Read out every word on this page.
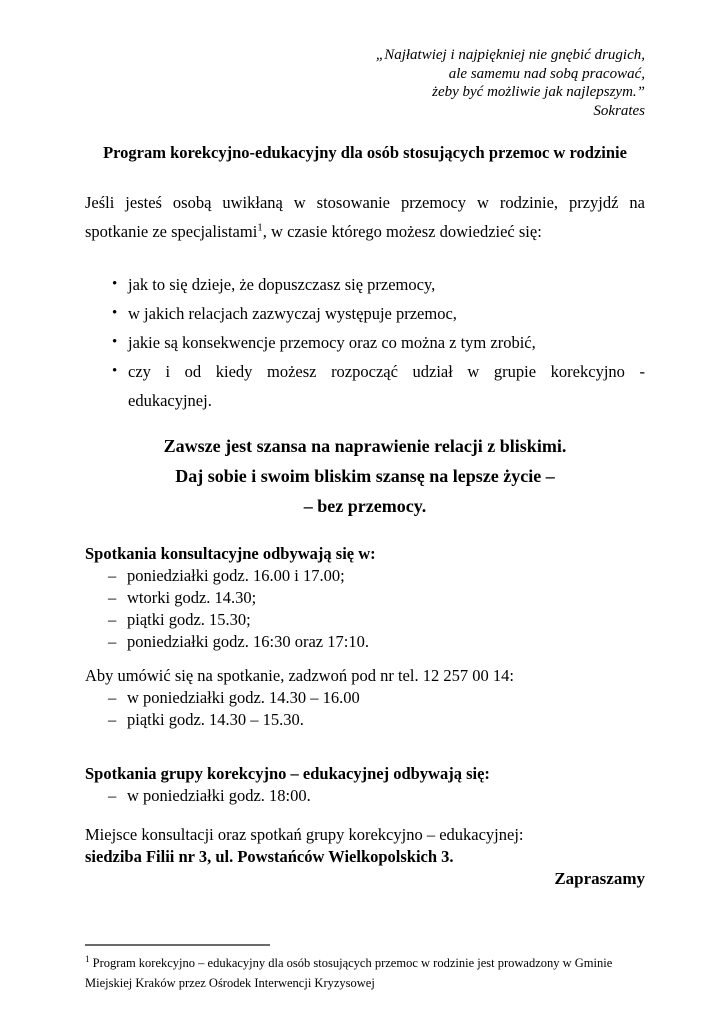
„Najłatwiej i najpiękniej nie gnębić drugich,
ale samemu nad sobą pracować,
żeby być możliwie jak najlepszym.”
Sokrates
Program korekcyjno-edukacyjny dla osób stosujących przemoc w rodzinie
Jeśli jesteś osobą uwikłaną w stosowanie przemocy w rodzinie, przyjdź na
spotkanie ze specjalistami$^1$, w czasie którego możesz dowiedzieć się:
• jak to się dzieje, że dopuszczasz się przemocy,
• w jakich relacjach zazwyczaj występuje przemoc,
• jakie są konsekwencje przemocy oraz co można z tym zrobić,
• czy i od kiedy możesz rozpocząć udział w grupie korekcyjno -
edukacyjnej.
Zawsze jest szansa na naprawienie relacji z bliskimi.
Daj sobie i swoim bliskim szansę na lepsze życie –
– bez przemocy.
Spotkania konsultacyjne odbywają się w:
– poniedziałki godz. 16.00 i 17.00;
– wtorki godz. 14.30;
– piątki godz. 15.30;
– poniedziałki godz. 16:30 oraz 17:10.
Aby umówić się na spotkanie, zadzwoń pod nr tel. 12 257 00 14:
– w poniedziałki godz. 14.30 – 16.00
– piątki godz. 14.30 – 15.30.
Spotkania grupy korekcyjno – edukacyjnej odbywają się:
– w poniedziałki godz. 18:00.
Miejsce konsultacji oraz spotkań grupy korekcyjno – edukacyjnej:
siedziba Filii nr 3, ul. Powstańców Wielkopolskich 3.
Zapraszamy
$^1$ Program korekcyjno – edukacyjny dla osób stosujących przemoc w rodzinie jest prowadzony w Gminie Miejskiej Kraków przez Ośrodek Interwencji Kryzysowej
